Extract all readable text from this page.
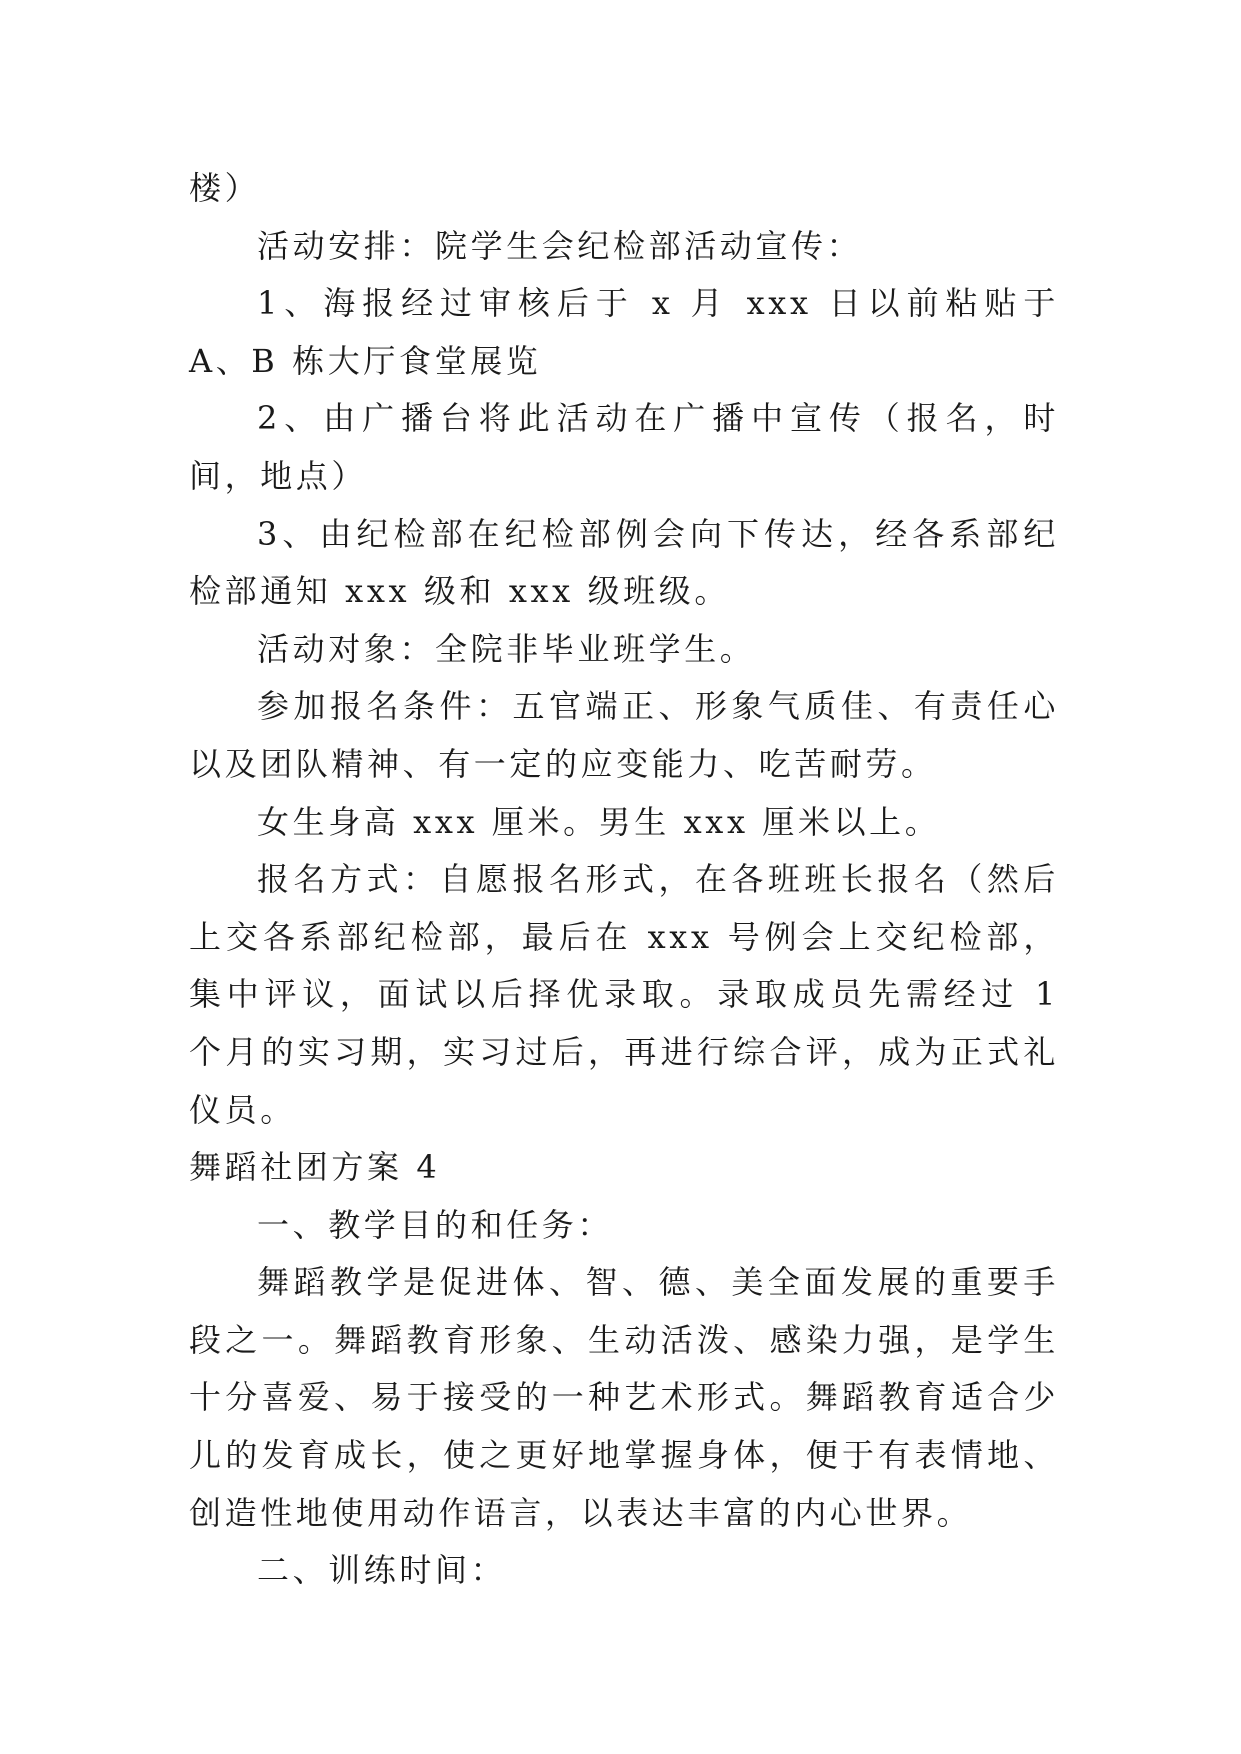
楼）

活动安排：院学生会纪检部活动宣传：

1、海报经过审核后于 x 月 xxx 日以前粘贴于 A、B 栋大厅食堂展览

2、由广播台将此活动在广播中宣传（报名，时间，地点）

3、由纪检部在纪检部例会向下传达，经各系部纪检部通知 xxx 级和 xxx 级班级。

活动对象：全院非毕业班学生。

参加报名条件：五官端正、形象气质佳、有责任心以及团队精神、有一定的应变能力、吃苦耐劳。

女生身高 xxx 厘米。男生 xxx 厘米以上。

报名方式：自愿报名形式，在各班班长报名（然后上交各系部纪检部，最后在 xxx 号例会上交纪检部，集中评议，面试以后择优录取。录取成员先需经过 1 个月的实习期，实习过后，再进行综合评，成为正式礼仪员。

舞蹈社团方案 4

一、教学目的和任务：

舞蹈教学是促进体、智、德、美全面发展的重要手段之一。舞蹈教育形象、生动活泼、感染力强，是学生十分喜爱、易于接受的一种艺术形式。舞蹈教育适合少儿的发育成长，使之更好地掌握身体，便于有表情地、创造性地使用动作语言，以表达丰富的内心世界。

二、训练时间：
